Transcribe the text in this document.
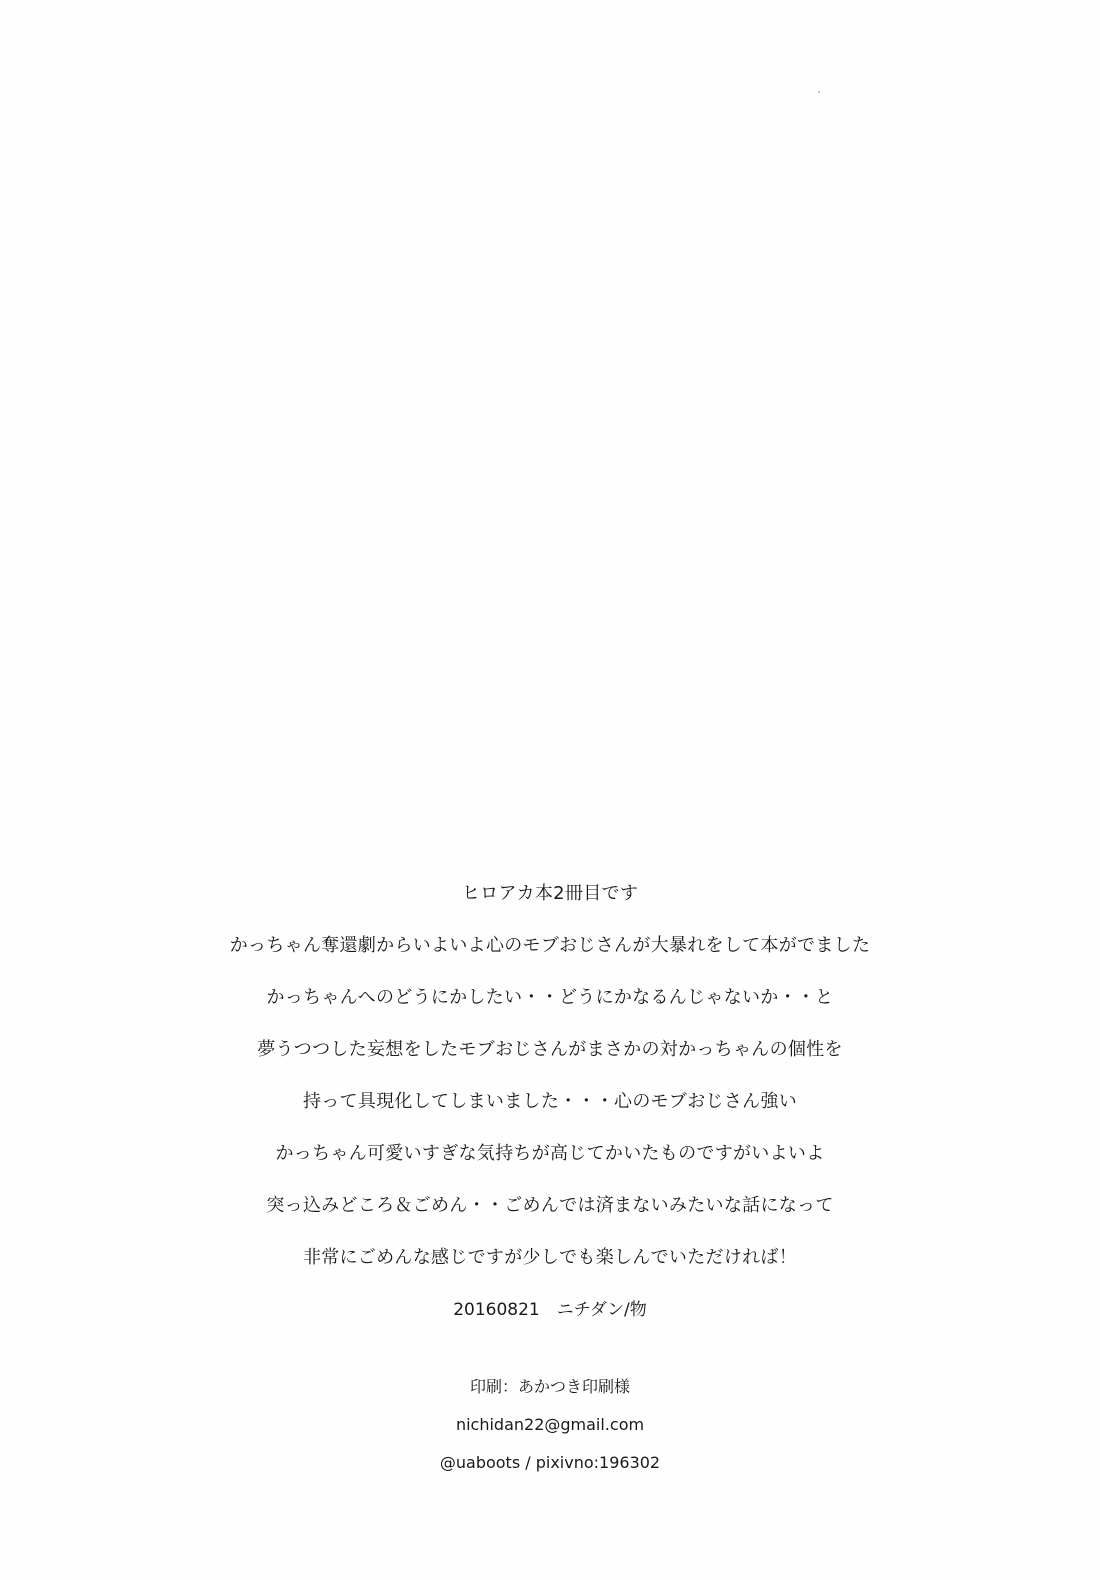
ヒロアカ本2冊目です
かっちゃん奪還劇からいよいよ心のモブおじさんが大暴れをして本がでました
かっちゃんへのどうにかしたい・・どうにかなるんじゃないか・・と
夢うつつした妄想をしたモブおじさんがまさかの対かっちゃんの個性を
持って具現化してしまいました・・・心のモブおじさん強い
かっちゃん可愛いすぎな気持ちが高じてかいたものですがいよいよ
突っ込みどころ＆ごめん・・ごめんでは済まないみたいな話になって
非常にごめんな感じですが少しでも楽しんでいただければ！
20160821　ニチダン/物
印刷：あかつき印刷様
nichidan22@gmail.com
@uaboots / pixivno:196302
